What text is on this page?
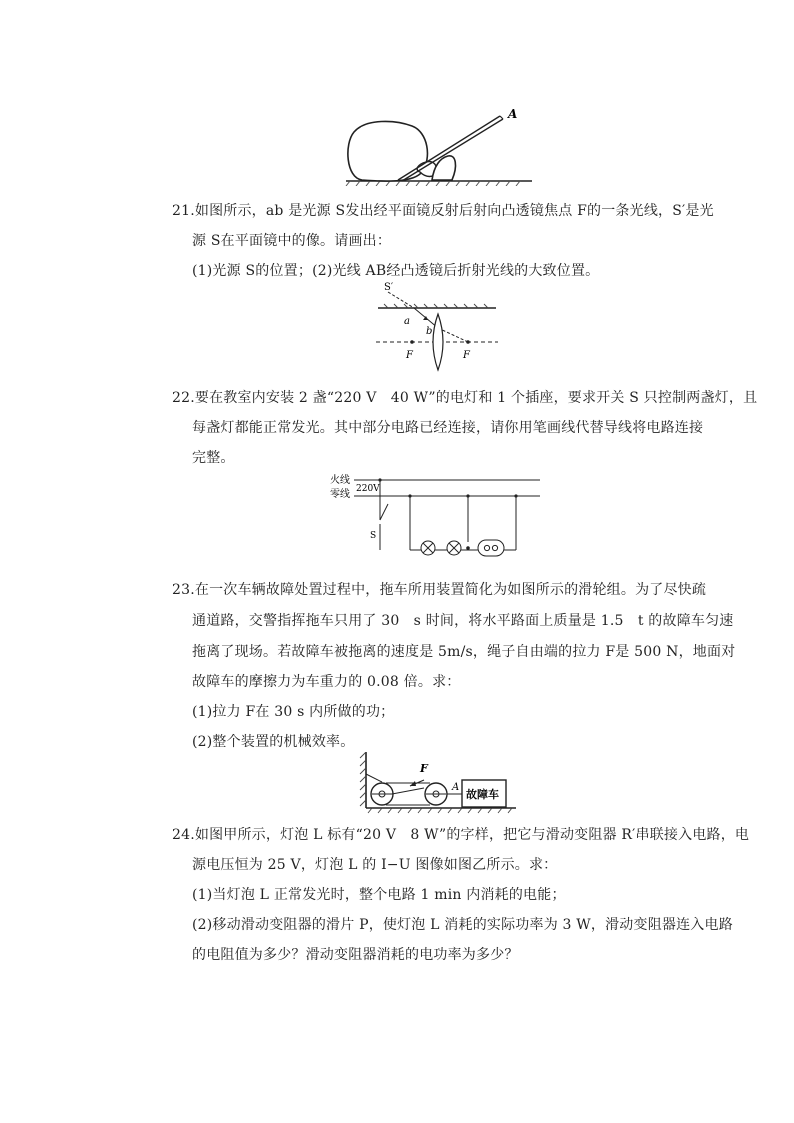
A
21.如图所示，ab 是光源 S发出经平面镜反射后射向凸透镜焦点 F的一条光线，S′是光
源 S在平面镜中的像。请画出：
(1)光源 S的位置；(2)光线 AB经凸透镜后折射光线的大致位置。
S′
a
b
F	F
22.要在教室内安装 2 盏“220 V　40 W”的电灯和 1 个插座，要求开关 S 只控制两盏灯，且
每盏灯都能正常发光。其中部分电路已经连接，请你用笔画线代替导线将电路连接
完整。
火线
零线 220V
S
23.在一次车辆故障处置过程中，拖车所用装置简化为如图所示的滑轮组。为了尽快疏
通道路，交警指挥拖车只用了 30　s 时间，将水平路面上质量是 1.5　t 的故障车匀速
拖离了现场。若故障车被拖离的速度是 5m/s，绳子自由端的拉力 F是 500 N，地面对
故障车的摩擦力为车重力的 0.08 倍。求：
(1)拉力 F在 30 s 内所做的功；
(2)整个装置的机械效率。
F
A
故障车
24.如图甲所示，灯泡 L 标有“20 V　8 W”的字样，把它与滑动变阻器 R′串联接入电路，电
源电压恒为 25 V，灯泡 L 的 I−U 图像如图乙所示。求：
(1)当灯泡 L 正常发光时，整个电路 1 min 内消耗的电能；
(2)移动滑动变阻器的滑片 P，使灯泡 L 消耗的实际功率为 3 W，滑动变阻器连入电路
的电阻值为多少？滑动变阻器消耗的电功率为多少？
